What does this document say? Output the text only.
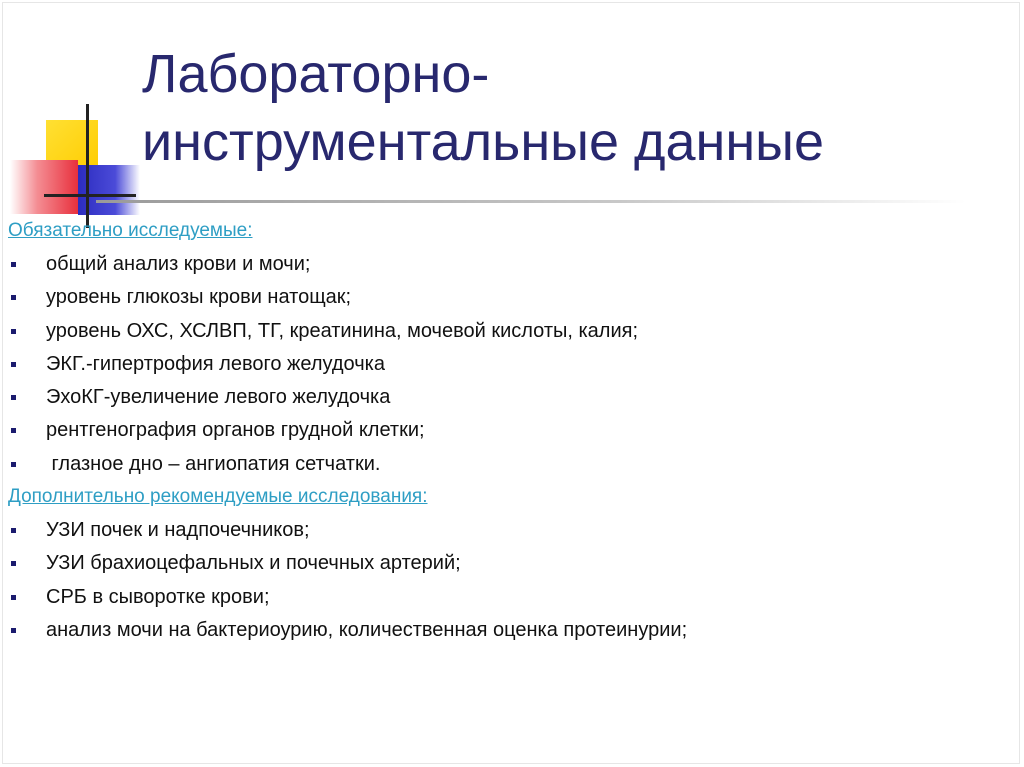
Лабораторно-
инструментальные данные
Обязательно исследуемые:
общий анализ крови и мочи;
уровень глюкозы крови натощак;
уровень ОХС, ХСЛВП, ТГ, креатинина, мочевой кислоты, калия;
ЭКГ.-гипертрофия левого желудочка
ЭхоКГ-увеличение левого желудочка
рентгенография органов грудной клетки;
глазное дно – ангиопатия сетчатки.
Дополнительно рекомендуемые исследования:
УЗИ почек и надпочечников;
УЗИ брахиоцефальных и почечных артерий;
СРБ в сыворотке крови;
анализ мочи на бактериоурию, количественная оценка протеинурии;
